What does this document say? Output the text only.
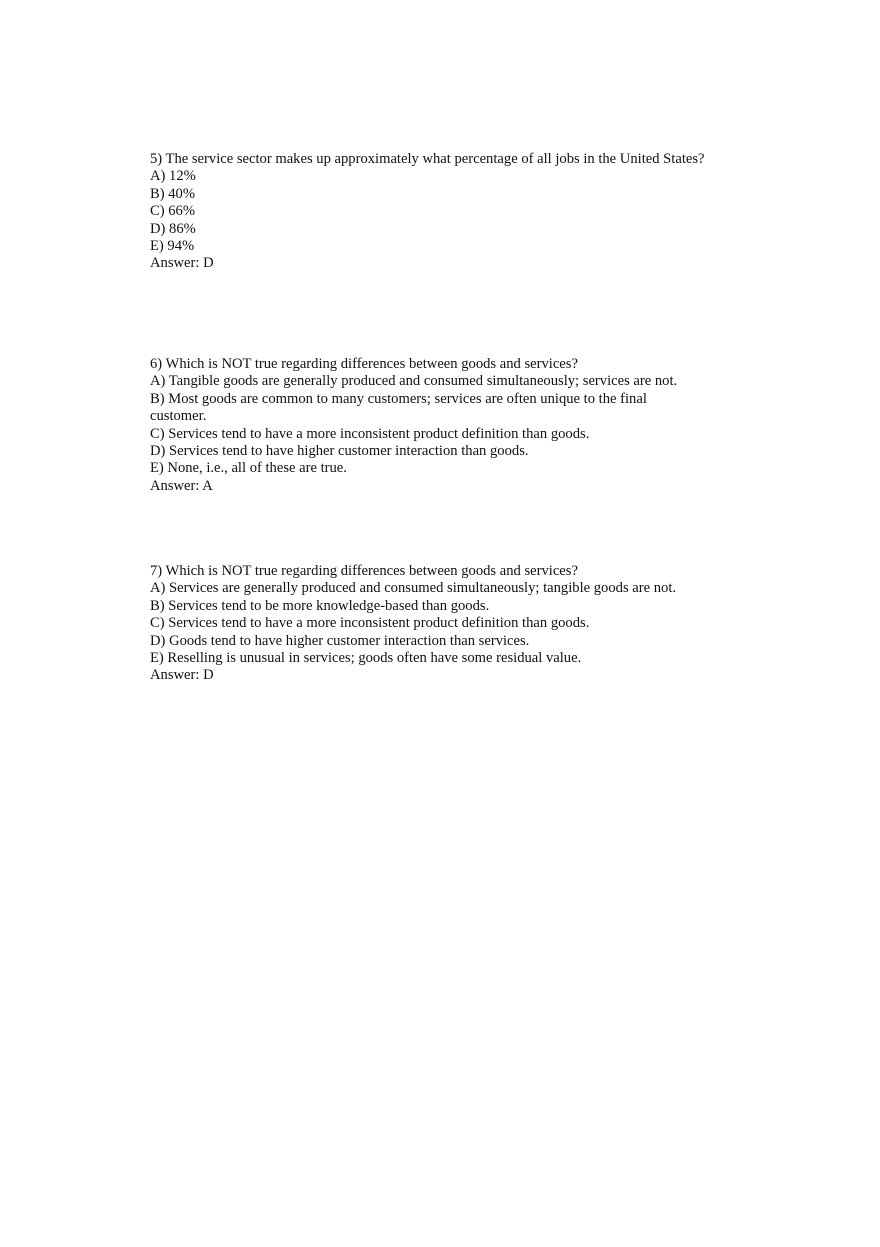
5) The service sector makes up approximately what percentage of all jobs in the United States?
A) 12%
B) 40%
C) 66%
D) 86%
E) 94%
Answer: D
6) Which is NOT true regarding differences between goods and services?
A) Tangible goods are generally produced and consumed simultaneously; services are not.
B) Most goods are common to many customers; services are often unique to the final customer.
C) Services tend to have a more inconsistent product definition than goods.
D) Services tend to have higher customer interaction than goods.
E) None, i.e., all of these are true.
Answer: A
7) Which is NOT true regarding differences between goods and services?
A) Services are generally produced and consumed simultaneously; tangible goods are not.
B) Services tend to be more knowledge-based than goods.
C) Services tend to have a more inconsistent product definition than goods.
D) Goods tend to have higher customer interaction than services.
E) Reselling is unusual in services; goods often have some residual value.
Answer: D
